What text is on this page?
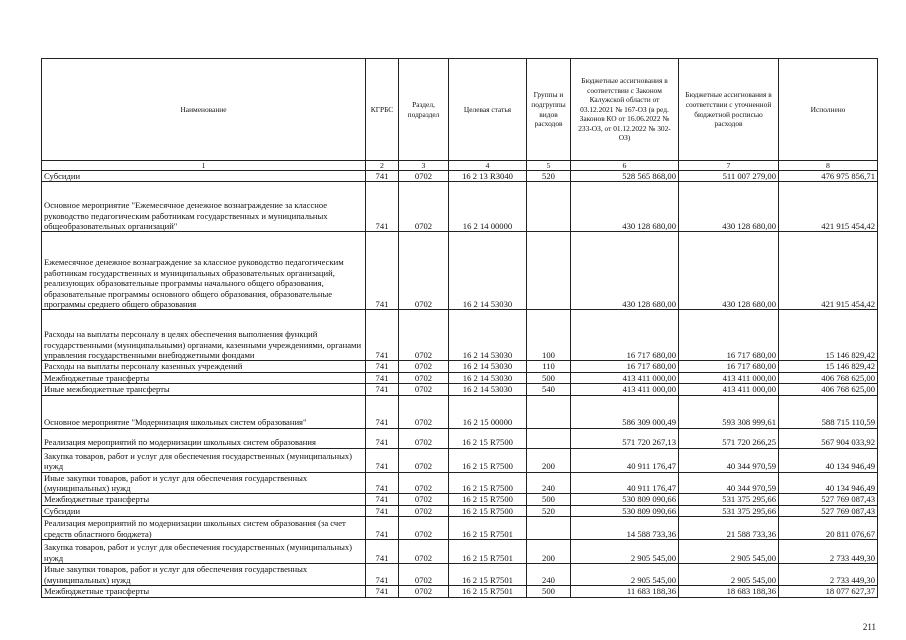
Наименование	КГРБС	Раздел, подраздел	Целевая статья	Группы и подгруппы видов расходов	Бюджетные ассигнования в соответствии с Законом Калужской области от 03.12.2021 № 167-ОЗ (в ред. Законов КО от 16.06.2022 № 233-ОЗ, от 01.12.2022 № 302-ОЗ)	Бюджетные ассигнования в соответствии с уточненной бюджетной росписью расходов	Исполнено
1	2	3	4	5	6	7	8
Субсидии	741	0702	16 2 13 R3040	520	528 565 868,00	511 007 279,00	476 975 856,71
Основное мероприятие "Ежемесячное денежное вознаграждение за классное руководство педагогическим работникам государственных и муниципальных общеобразовательных организаций"	741	0702	16 2 14 00000		430 128 680,00	430 128 680,00	421 915 454,42
Ежемесячное денежное вознаграждение за классное руководство педагогическим работникам государственных и муниципальных образовательных организаций, реализующих образовательные программы начального общего образования, образовательные программы основного общего образования, образовательные программы среднего общего образования	741	0702	16 2 14 53030		430 128 680,00	430 128 680,00	421 915 454,42
Расходы на выплаты персоналу в целях обеспечения выполнения функций государственными (муниципальными) органами, казенными учреждениями, органами управления государственными внебюджетными фондами	741	0702	16 2 14 53030	100	16 717 680,00	16 717 680,00	15 146 829,42
Расходы на выплаты персоналу казенных учреждений	741	0702	16 2 14 53030	110	16 717 680,00	16 717 680,00	15 146 829,42
Межбюджетные трансферты	741	0702	16 2 14 53030	500	413 411 000,00	413 411 000,00	406 768 625,00
Иные межбюджетные трансферты	741	0702	16 2 14 53030	540	413 411 000,00	413 411 000,00	406 768 625,00
Основное мероприятие "Модернизация школьных систем образования"	741	0702	16 2 15 00000		586 309 000,49	593 308 999,61	588 715 110,59
Реализация мероприятий по модернизации школьных систем образования	741	0702	16 2 15 R7500		571 720 267,13	571 720 266,25	567 904 033,92
Закупка товаров, работ и услуг для обеспечения государственных (муниципальных) нужд	741	0702	16 2 15 R7500	200	40 911 176,47	40 344 970,59	40 134 946,49
Иные закупки товаров, работ и услуг для обеспечения государственных (муниципальных) нужд	741	0702	16 2 15 R7500	240	40 911 176,47	40 344 970,59	40 134 946,49
Межбюджетные трансферты	741	0702	16 2 15 R7500	500	530 809 090,66	531 375 295,66	527 769 087,43
Субсидии	741	0702	16 2 15 R7500	520	530 809 090,66	531 375 295,66	527 769 087,43
Реализация мероприятий по модернизации школьных систем образования (за счет средств областного бюджета)	741	0702	16 2 15 R7501		14 588 733,36	21 588 733,36	20 811 076,67
Закупка товаров, работ и услуг для обеспечения государственных (муниципальных) нужд	741	0702	16 2 15 R7501	200	2 905 545,00	2 905 545,00	2 733 449,30
Иные закупки товаров, работ и услуг для обеспечения государственных (муниципальных) нужд	741	0702	16 2 15 R7501	240	2 905 545,00	2 905 545,00	2 733 449,30
Межбюджетные трансферты	741	0702	16 2 15 R7501	500	11 683 188,36	18 683 188,36	18 077 627,37
211
